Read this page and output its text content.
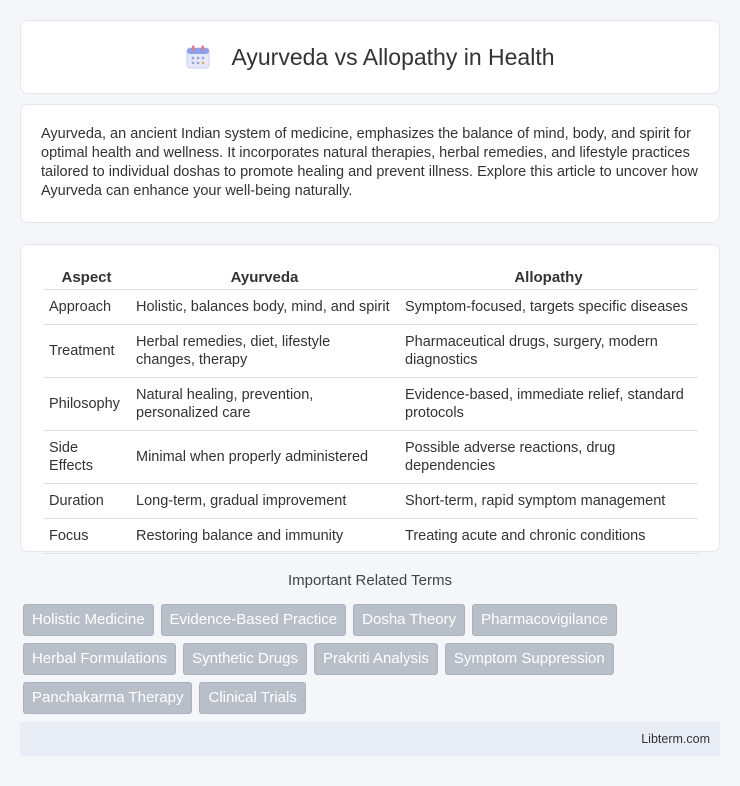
Ayurveda vs Allopathy in Health

Ayurveda, an ancient Indian system of medicine, emphasizes the balance of mind, body, and spirit for optimal health and wellness. It incorporates natural therapies, herbal remedies, and lifestyle practices tailored to individual doshas to promote healing and prevent illness. Explore this article to uncover how Ayurveda can enhance your well-being naturally.

Aspect	Ayurveda	Allopathy
Approach	Holistic, balances body, mind, and spirit	Symptom-focused, targets specific diseases
Treatment	Herbal remedies, diet, lifestyle changes, therapy	Pharmaceutical drugs, surgery, modern diagnostics
Philosophy	Natural healing, prevention, personalized care	Evidence-based, immediate relief, standard protocols
Side Effects	Minimal when properly administered	Possible adverse reactions, drug dependencies
Duration	Long-term, gradual improvement	Short-term, rapid symptom management
Focus	Restoring balance and immunity	Treating acute and chronic conditions
Important Related Terms
Holistic Medicine	Evidence-Based Practice	Dosha Theory	Pharmacovigilance
Herbal Formulations	Synthetic Drugs	Prakriti Analysis	Symptom Suppression
Panchakarma Therapy	Clinical Trials
Libterm.com
